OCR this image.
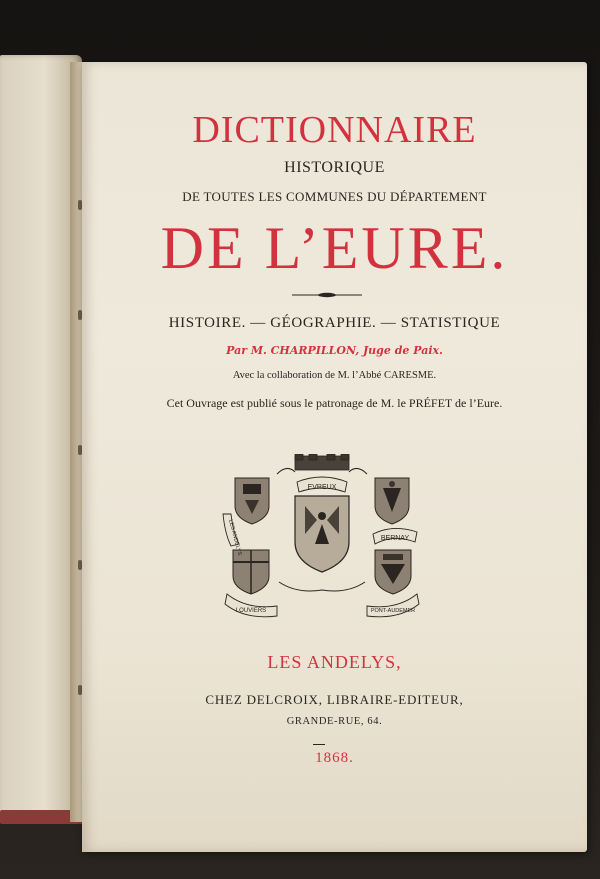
DICTIONNAIRE
HISTORIQUE
DE TOUTES LES COMMUNES DU DÉPARTEMENT
DE L’EURE.
HISTOIRE. — GÉOGRAPHIE. — STATISTIQUE
Par M. CHARPILLON, Juge de Paix.
Avec la collaboration de M. l’Abbé CARESME.
Cet Ouvrage est publié sous le patronage de M. le PRÉFET de l’Eure.
EVREUX
LES ANDELYS	BERNAY
LOUVIERS	PONT-AUDEMER
LES ANDELYS,
CHEZ DELCROIX, LIBRAIRE-EDITEUR,
GRANDE-RUE, 64.
1868.
